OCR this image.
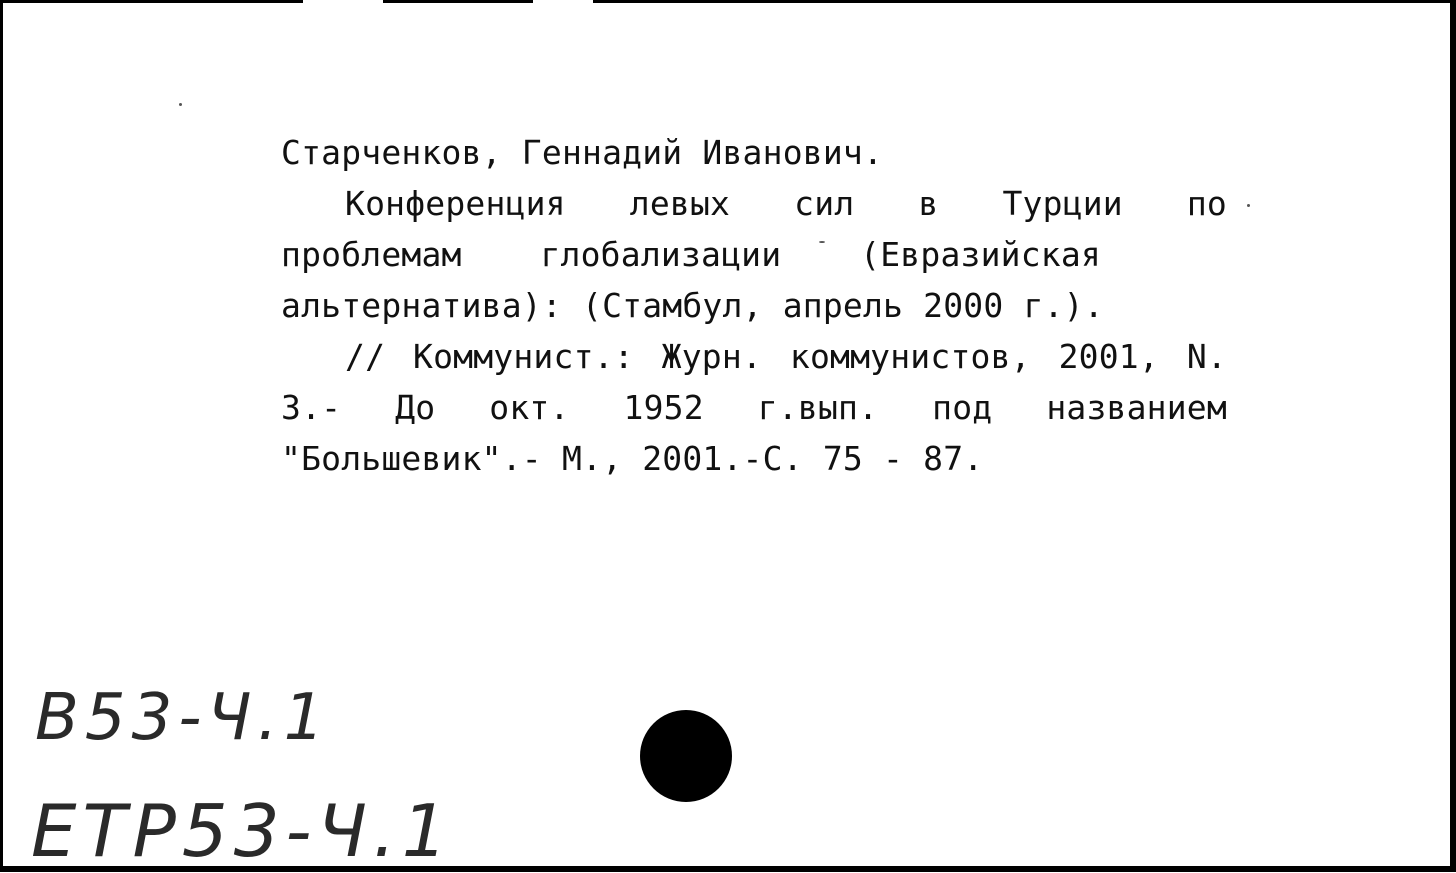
Старченков, Геннадий Иванович.
Конференция левых сил в Турции по
проблемам глобализации (Евразийская
альтернатива): (Стамбул, апрель 2000 г.).
// Коммунист.: Журн. коммунистов, 2001, N.
3.- До окт. 1952 г.вып. под названием
"Большевик".- М., 2001.-С. 75 - 87.
В53-Ч.1
ЕТР53-Ч.1
